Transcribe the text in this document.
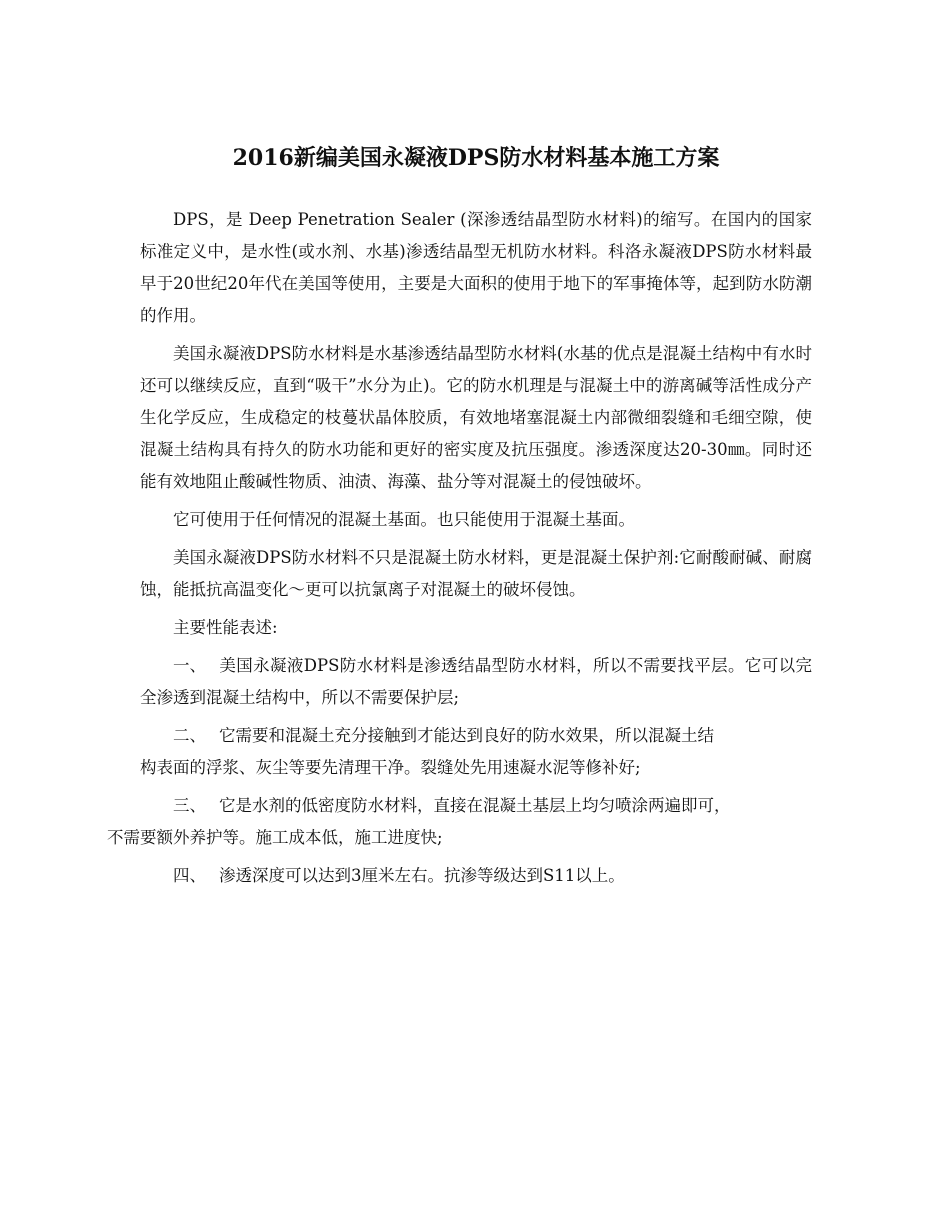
2016新编美国永凝液DPS防水材料基本施工方案

DPS，是 Deep Penetration Sealer (深渗透结晶型防水材料)的缩写。在国内的国家标准定义中，是水性(或水剂、水基)渗透结晶型无机防水材料。科洛永凝液DPS防水材料最早于20世纪20年代在美国等使用，主要是大面积的使用于地下的军事掩体等，起到防水防潮的作用。

美国永凝液DPS防水材料是水基渗透结晶型防水材料(水基的优点是混凝土结构中有水时还可以继续反应，直到“吸干”水分为止)。它的防水机理是与混凝土中的游离碱等活性成分产生化学反应，生成稳定的枝蔓状晶体胶质，有效地堵塞混凝土内部微细裂缝和毛细空隙，使混凝土结构具有持久的防水功能和更好的密实度及抗压强度。渗透深度达20-30㎜。同时还能有效地阻止酸碱性物质、油渍、海藻、盐分等对混凝土的侵蚀破坏。

它可使用于任何情况的混凝土基面。也只能使用于混凝土基面。

美国永凝液DPS防水材料不只是混凝土防水材料，更是混凝土保护剂:它耐酸耐碱、耐腐蚀，能抵抗高温变化～更可以抗氯离子对混凝土的破坏侵蚀。

主要性能表述:

一、 美国永凝液DPS防水材料是渗透结晶型防水材料，所以不需要找平层。它可以完全渗透到混凝土结构中，所以不需要保护层;

二、 它需要和混凝土充分接触到才能达到良好的防水效果，所以混凝土结
构表面的浮浆、灰尘等要先清理干净。裂缝处先用速凝水泥等修补好;

三、 它是水剂的低密度防水材料，直接在混凝土基层上均匀喷涂两遍即可，
不需要额外养护等。施工成本低，施工进度快;

四、 渗透深度可以达到3厘米左右。抗渗等级达到S11以上。
